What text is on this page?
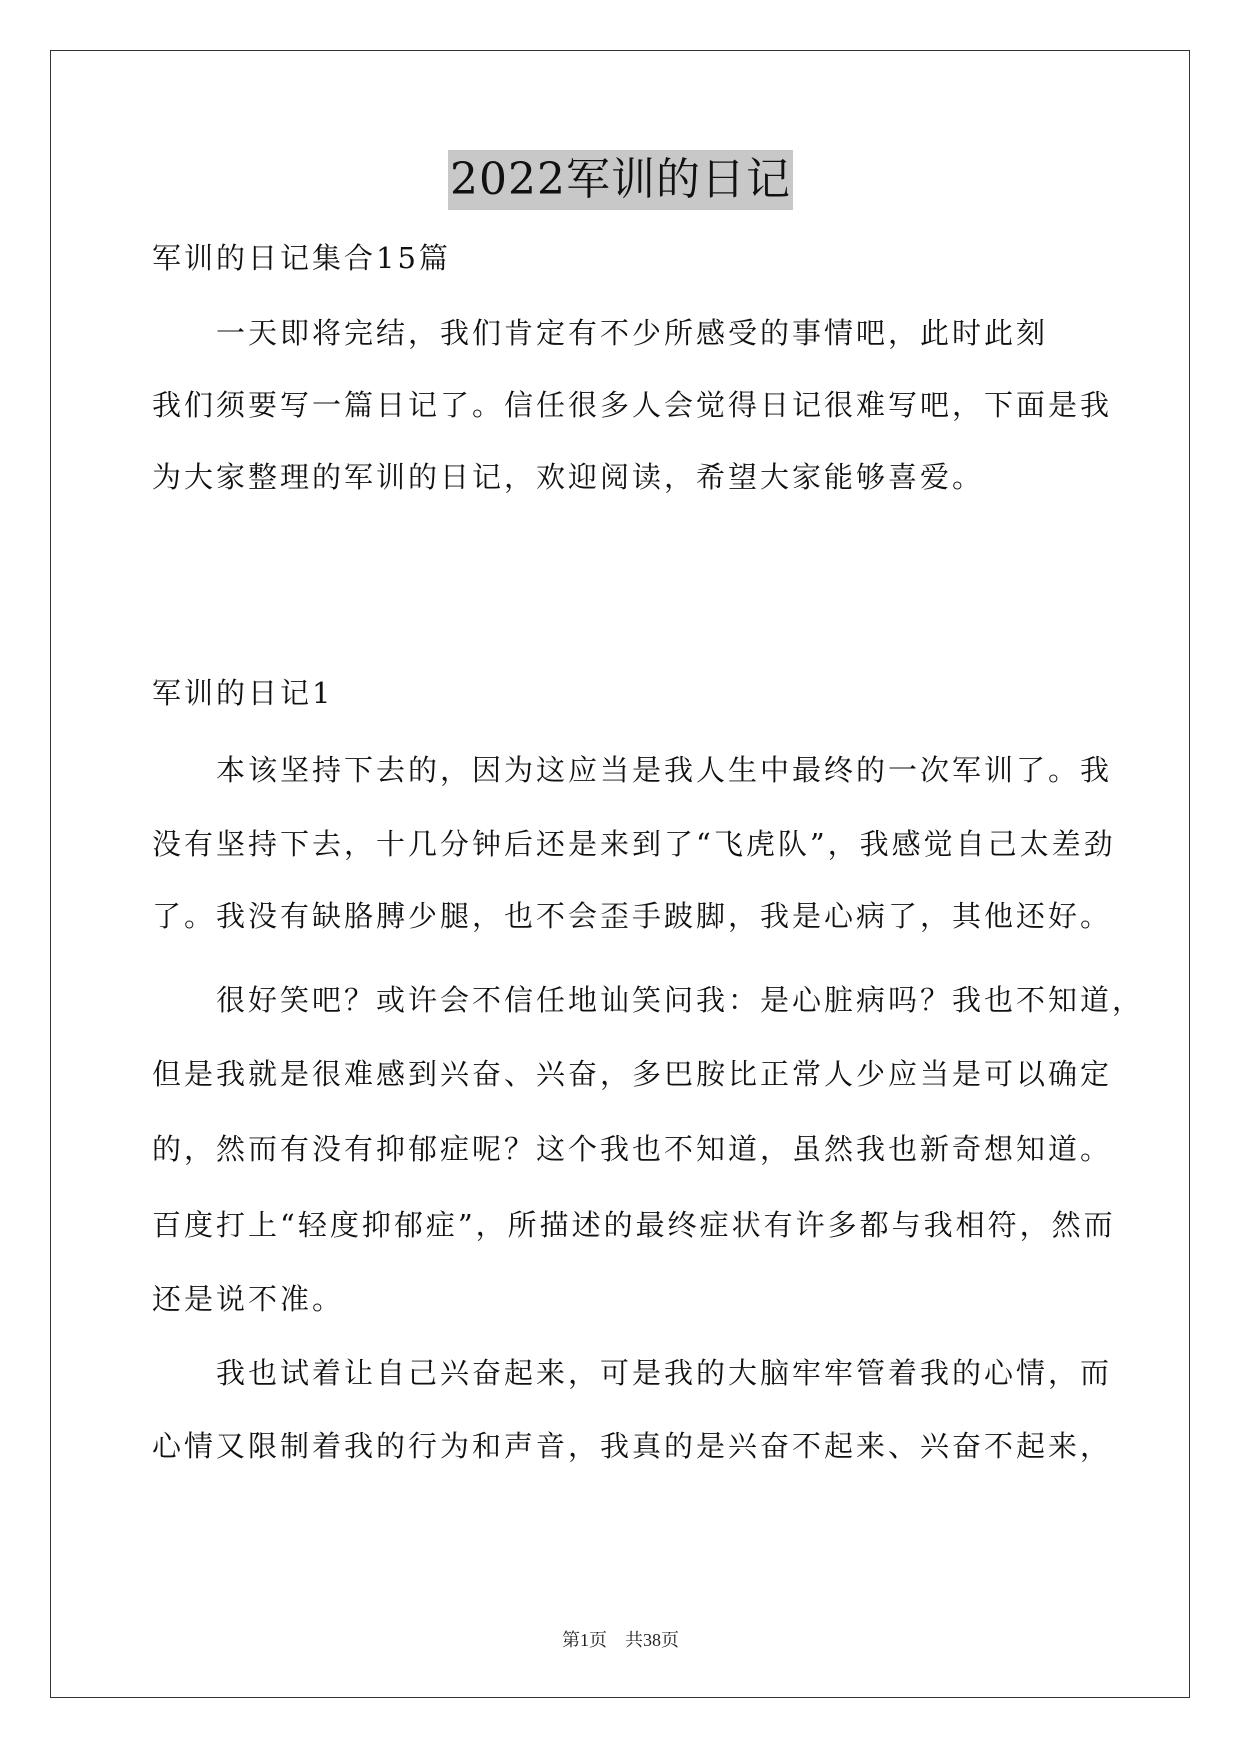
2022军训的日记
军训的日记集合15篇
　　一天即将完结，我们肯定有不少所感受的事情吧，此时此刻
我们须要写一篇日记了。信任很多人会觉得日记很难写吧，下面是我
为大家整理的军训的日记，欢迎阅读，希望大家能够喜爱。
军训的日记1
　　本该坚持下去的，因为这应当是我人生中最终的一次军训了。我
没有坚持下去，十几分钟后还是来到了“飞虎队”，我感觉自己太差劲
了。我没有缺胳膊少腿，也不会歪手跛脚，我是心病了，其他还好。
　　很好笑吧？或许会不信任地讪笑问我：是心脏病吗？我也不知道，
但是我就是很难感到兴奋、兴奋，多巴胺比正常人少应当是可以确定
的，然而有没有抑郁症呢？这个我也不知道，虽然我也新奇想知道。
百度打上“轻度抑郁症”，所描述的最终症状有许多都与我相符，然而
还是说不准。
　　我也试着让自己兴奋起来，可是我的大脑牢牢管着我的心情，而
心情又限制着我的行为和声音，我真的是兴奋不起来、兴奋不起来，
第1页　共38页
